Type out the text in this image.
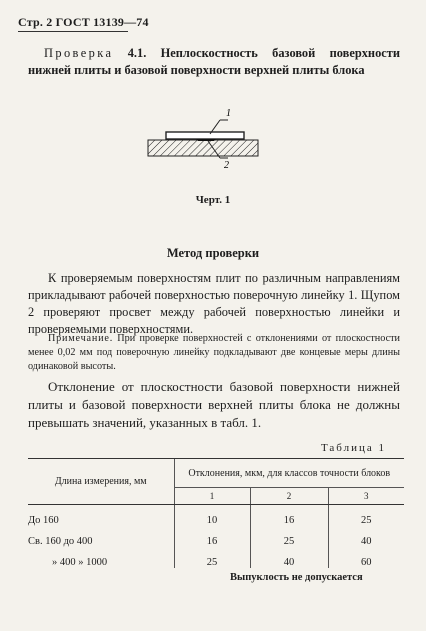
Стр. 2 ГОСТ 13139—74
Проверка 4.1. Неплоскостность базовой поверхности нижней плиты и базовой поверхности верхней плиты блока
1
2
Черт. 1
Метод проверки
К проверяемым поверхностям плит по различным направлениям прикладывают рабочей поверхностью поверочную линейку 1. Щупом 2 проверяют просвет между рабочей поверхностью линейки и проверяемыми поверхностями.
Примечание. При проверке поверхностей с отклонениями от плоскостности менее 0,02 мм под поверочную линейку подкладывают две концевые меры длины одинаковой высоты.
Отклонение от плоскостности базовой поверхности нижней плиты и базовой поверхности верхней плиты блока не должны превышать значений, указанных в табл. 1.
Таблица 1
Длина измерения, мм	Отклонения, мкм, для классов точности блоков		
	1	2	3
До 160	10	16	25
Св. 160 до 400	16	25	40
» 400 » 1000	25	40	60
Выпуклость не допускается
